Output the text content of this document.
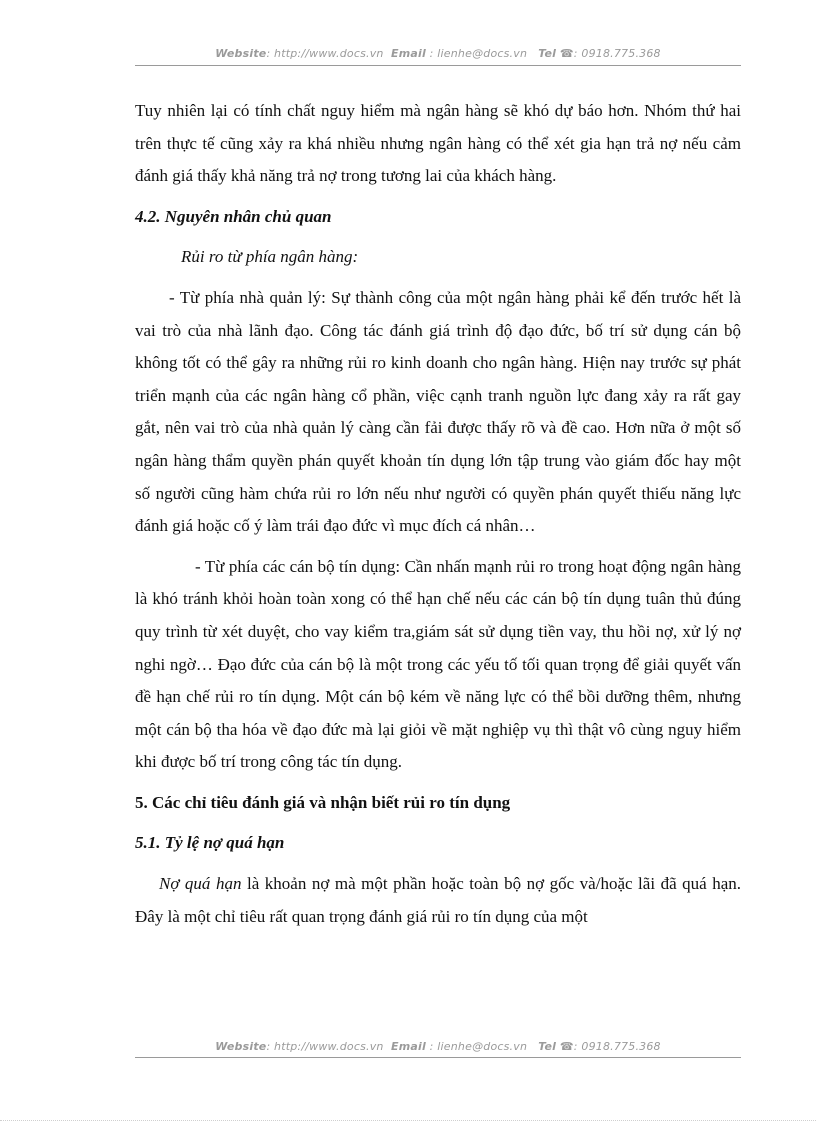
Website: http://www.docs.vn Email : lienhe@docs.vn Tel ☎: 0918.775.368

Tuy nhiên lại có tính chất nguy hiểm mà ngân hàng sẽ khó dự báo hơn. Nhóm thứ hai trên thực tế cũng xảy ra khá nhiều nhưng ngân hàng có thể xét gia hạn trả nợ nếu cảm đánh giá thấy khả năng trả nợ trong tương lai của khách hàng.

4.2. Nguyên nhân chủ quan

Rủi ro từ phía ngân hàng:

- Từ phía nhà quản lý: Sự thành công của một ngân hàng phải kể đến trước hết là vai trò của nhà lãnh đạo. Công tác đánh giá trình độ đạo đức, bố trí sử dụng cán bộ không tốt có thể gây ra những rủi ro kinh doanh cho ngân hàng. Hiện nay trước sự phát triển mạnh của các ngân hàng cổ phần, việc cạnh tranh nguồn lực đang xảy ra rất gay gắt, nên vai trò của nhà quản lý càng cần fải được thấy rõ và đề cao. Hơn nữa ở một số ngân hàng thẩm quyền phán quyết khoản tín dụng lớn tập trung vào giám đốc hay một số người cũng hàm chứa rủi ro lớn nếu như người có quyền phán quyết thiếu năng lực đánh giá hoặc cố ý làm trái đạo đức vì mục đích cá nhân…

- Từ phía các cán bộ tín dụng: Cần nhấn mạnh rủi ro trong hoạt động ngân hàng là khó tránh khỏi hoàn toàn xong có thể hạn chế nếu các cán bộ tín dụng tuân thủ đúng quy trình từ xét duyệt, cho vay kiểm tra,giám sát sử dụng tiền vay, thu hồi nợ, xử lý nợ nghi ngờ… Đạo đức của cán bộ là một trong các yếu tố tối quan trọng để giải quyết vấn đề hạn chế rủi ro tín dụng. Một cán bộ kém về năng lực có thể bồi dưỡng thêm, nhưng một cán bộ tha hóa về đạo đức mà lại giỏi về mặt nghiệp vụ thì thật vô cùng nguy hiểm khi được bố trí trong công tác tín dụng.

5. Các chỉ tiêu đánh giá và nhận biết rủi ro tín dụng

5.1. Tỷ lệ nợ quá hạn

Nợ quá hạn là khoản nợ mà một phần hoặc toàn bộ nợ gốc và/hoặc lãi đã quá hạn. Đây là một chỉ tiêu rất quan trọng đánh giá rủi ro tín dụng của một

Website: http://www.docs.vn Email : lienhe@docs.vn Tel ☎: 0918.775.368
